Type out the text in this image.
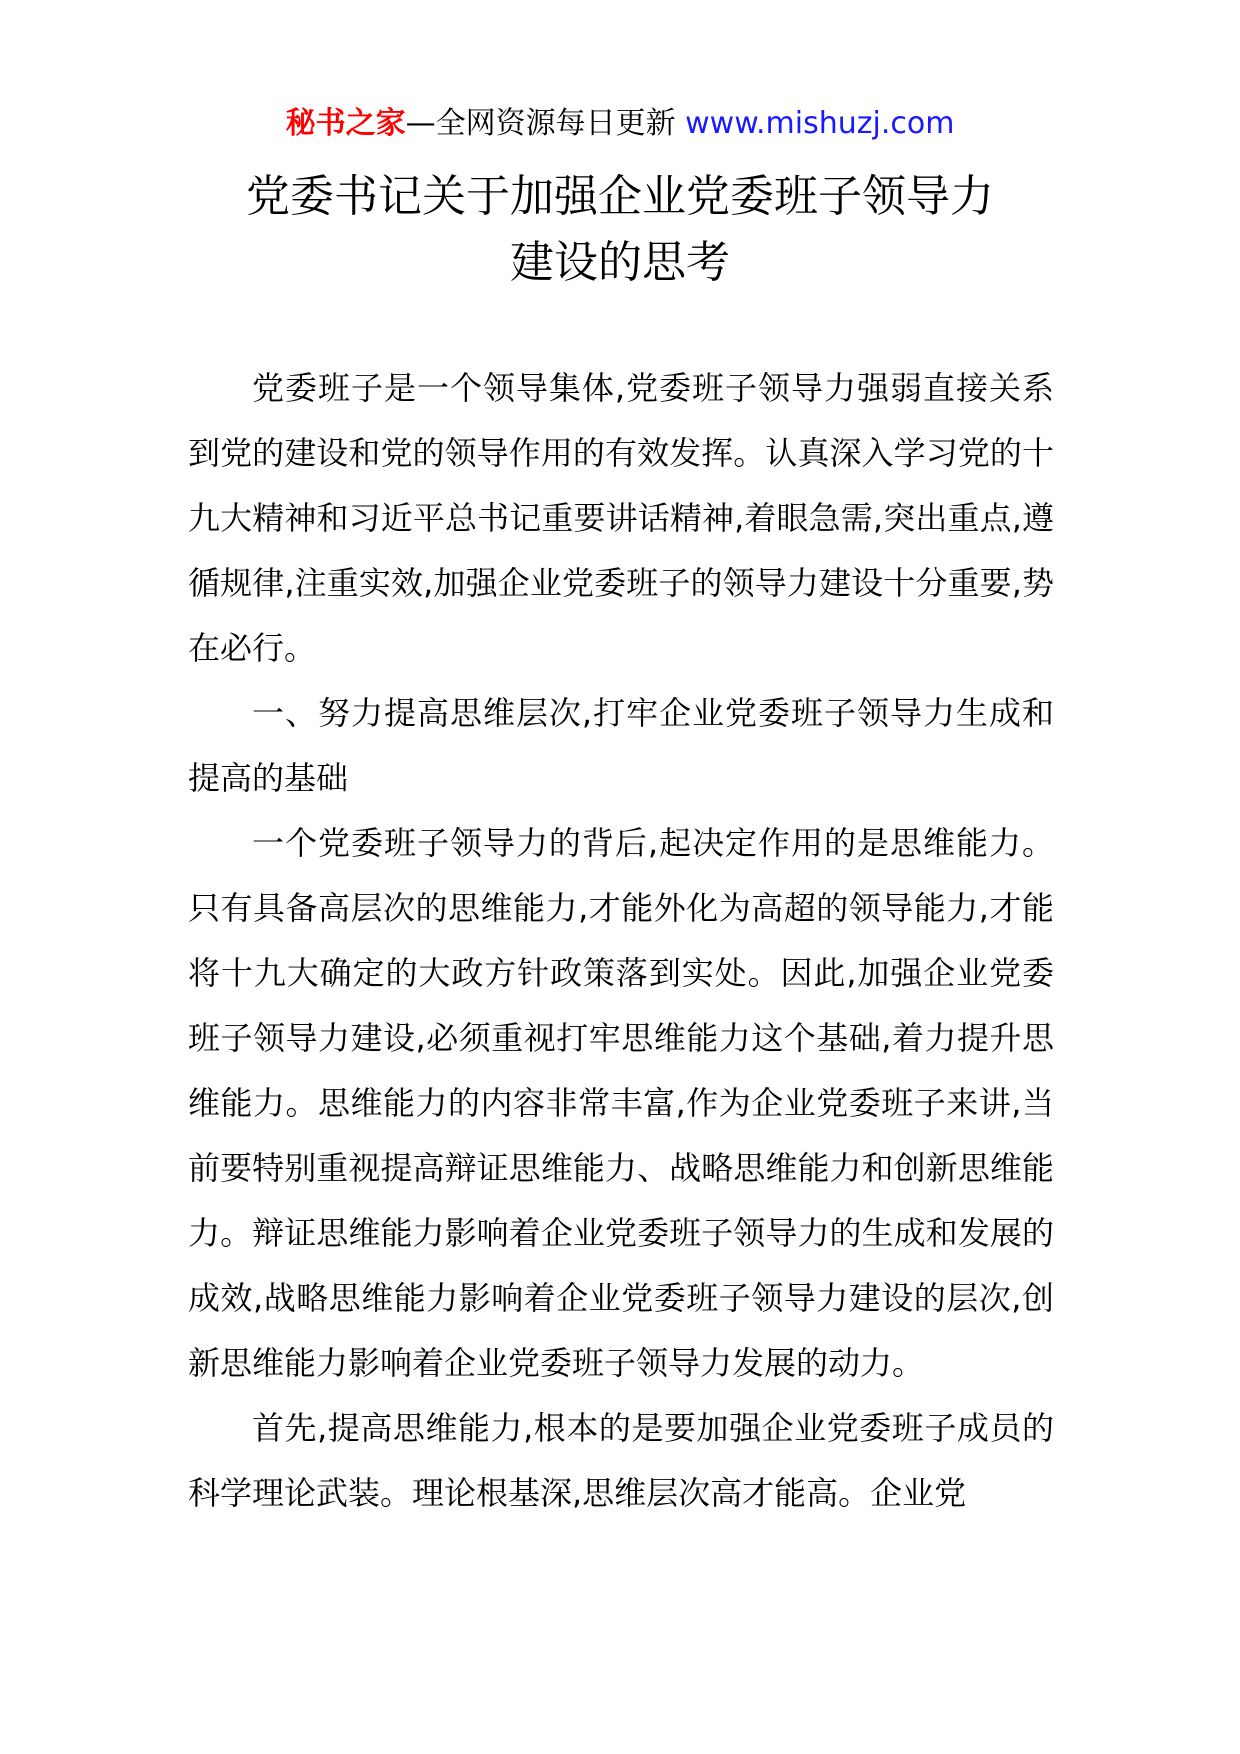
秘书之家—全网资源每日更新 www.mishuzj.com
党委书记关于加强企业党委班子领导力
建设的思考

党委班子是一个领导集体,党委班子领导力强弱直接关系到党的建设和党的领导作用的有效发挥。认真深入学习党的十九大精神和习近平总书记重要讲话精神,着眼急需,突出重点,遵循规律,注重实效,加强企业党委班子的领导力建设十分重要,势在必行。

一、努力提高思维层次,打牢企业党委班子领导力生成和提高的基础

一个党委班子领导力的背后,起决定作用的是思维能力。只有具备高层次的思维能力,才能外化为高超的领导能力,才能将十九大确定的大政方针政策落到实处。因此,加强企业党委班子领导力建设,必须重视打牢思维能力这个基础,着力提升思维能力。思维能力的内容非常丰富,作为企业党委班子来讲,当前要特别重视提高辩证思维能力、战略思维能力和创新思维能力。辩证思维能力影响着企业党委班子领导力的生成和发展的成效,战略思维能力影响着企业党委班子领导力建设的层次,创新思维能力影响着企业党委班子领导力发展的动力。

首先,提高思维能力,根本的是要加强企业党委班子成员的科学理论武装。理论根基深,思维层次高才能高。企业党
